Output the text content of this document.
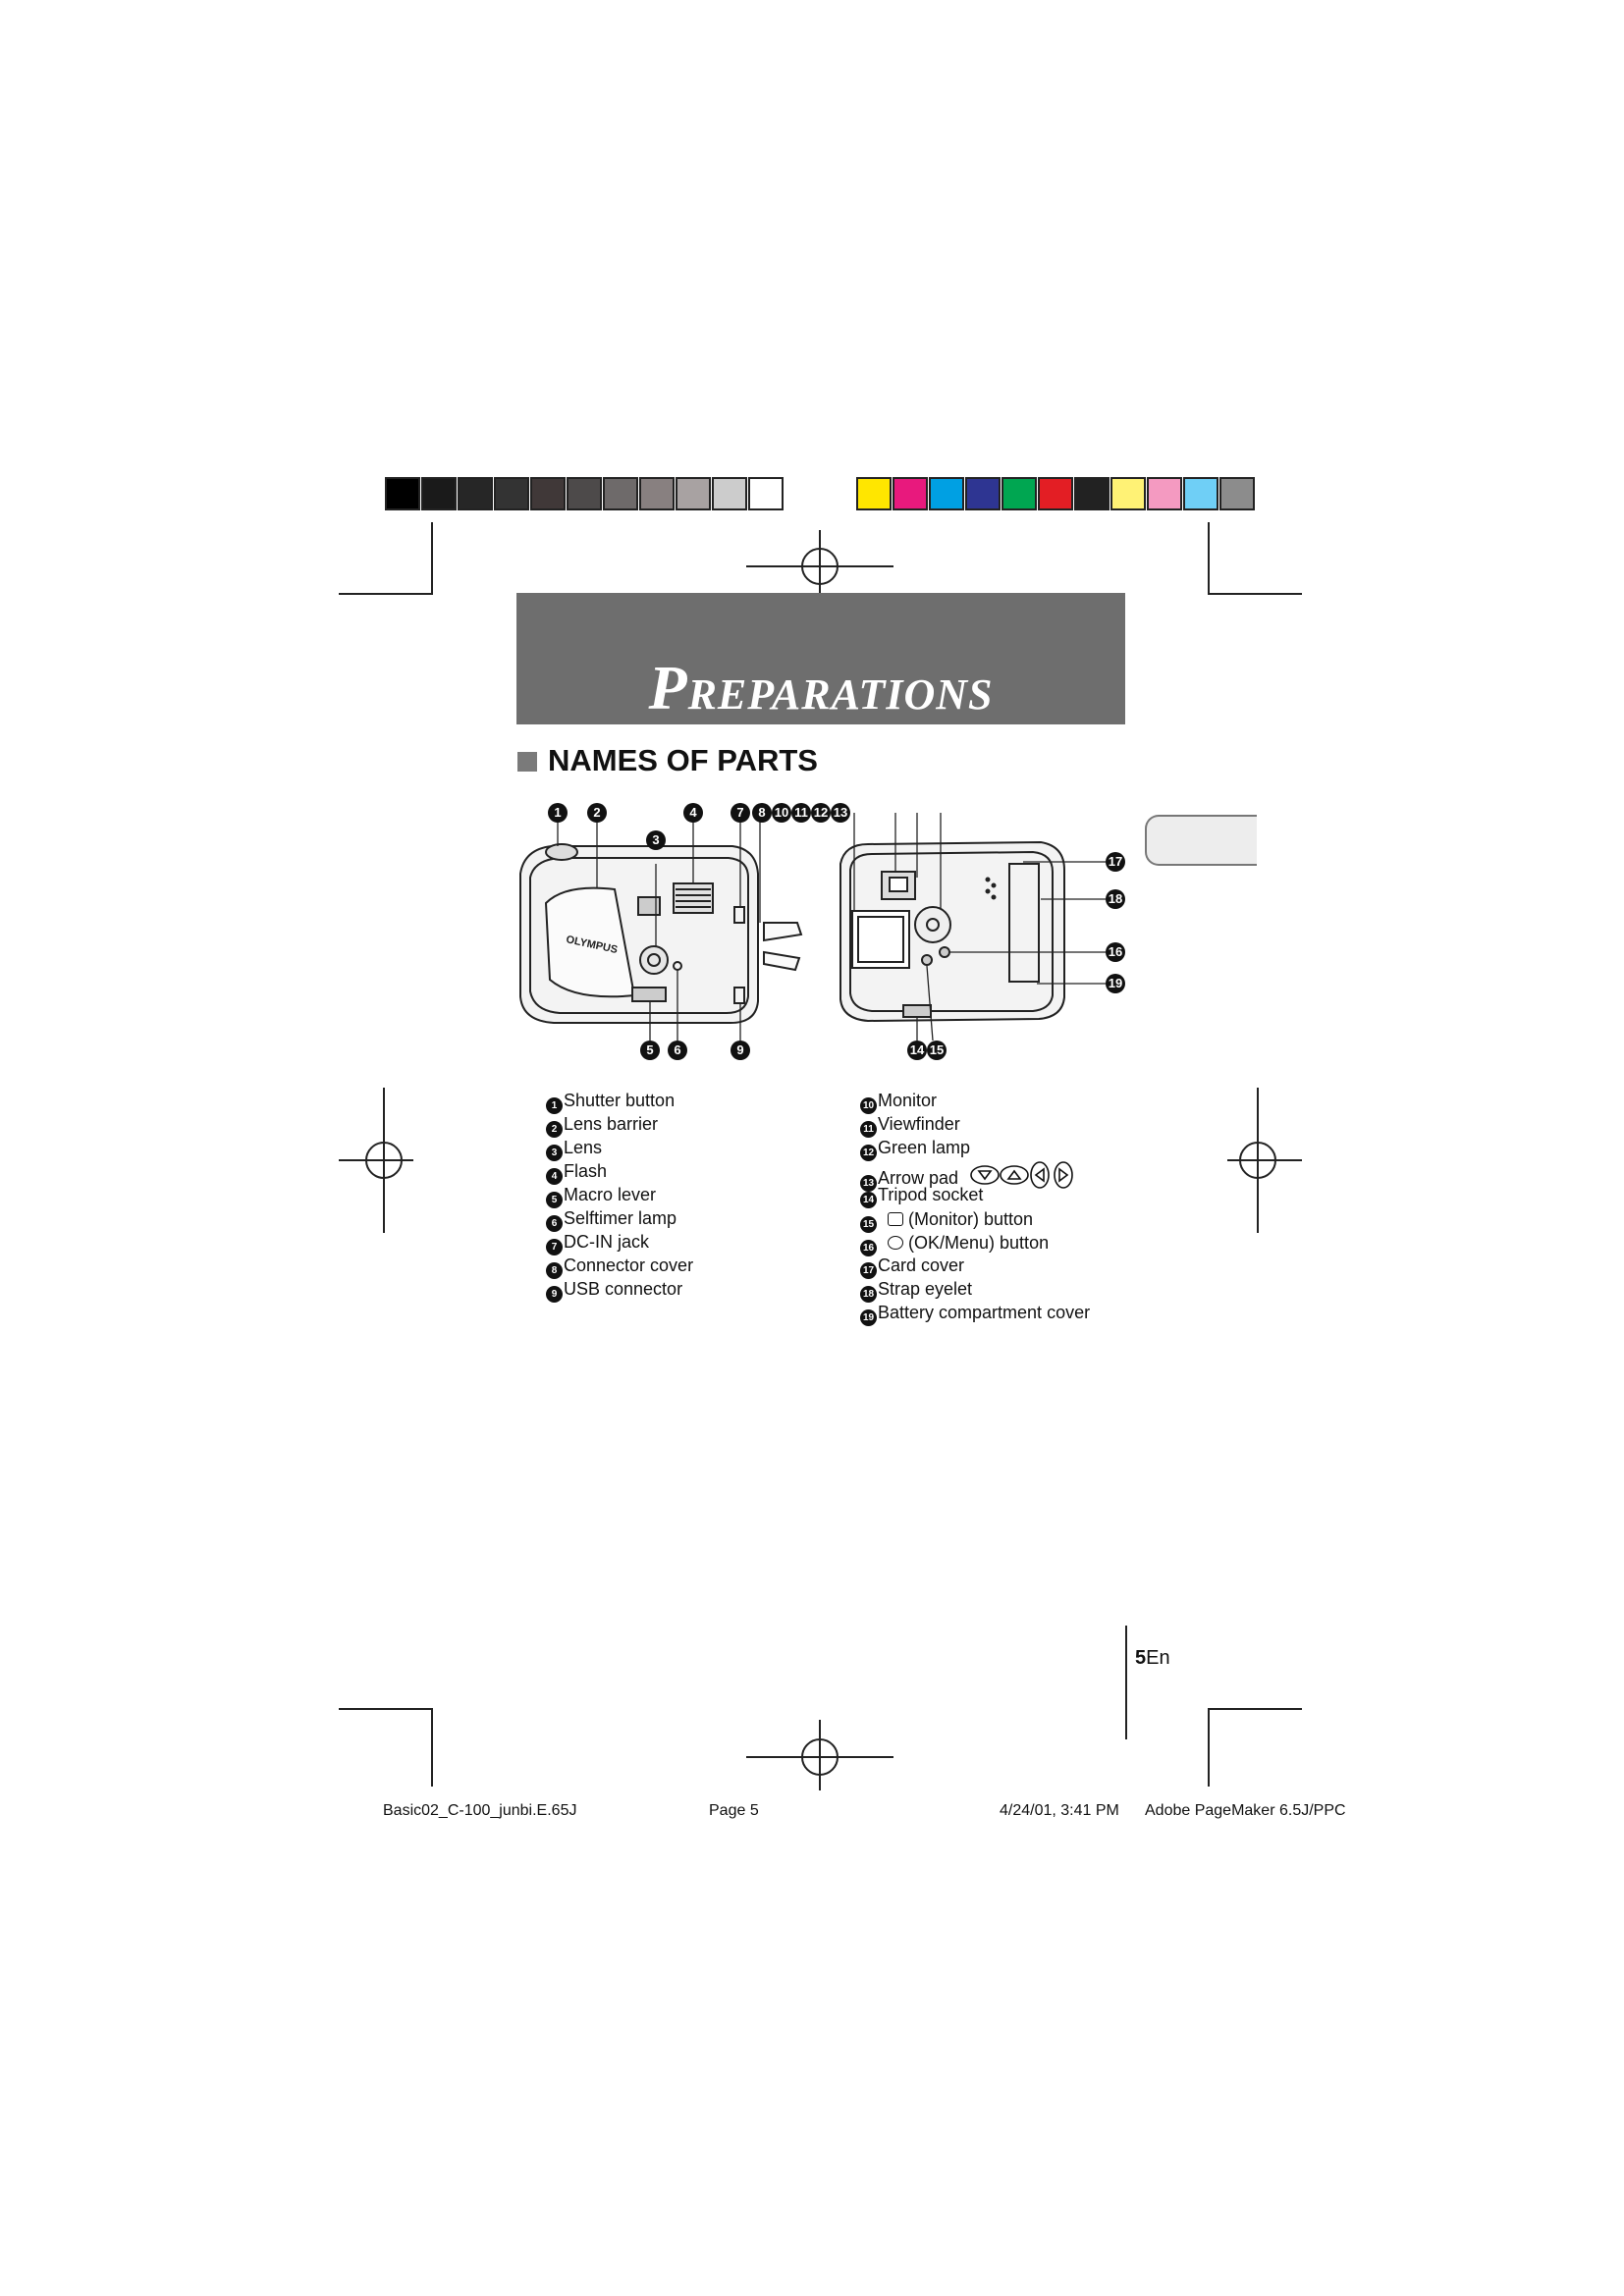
PREPARATIONS
NAMES OF PARTS
OLYMPUS
1	2
3
4	7	8 10 11 12 13
5	6	9
17
18
16
19
14 15
1 Shutter button
2 Lens barrier
3 Lens
4 Flash
5 Macro lever
6 Selftimer lamp
7 DC-IN jack
8 Connector cover
9 USB connector
10 Monitor
11 Viewfinder
12 Green lamp
13 Arrow pad
14 Tripod socket
15 (Monitor) button
16 (OK/Menu) button
17 Card cover
18 Strap eyelet
19 Battery compartment cover
5En
Basic02_C-100_junbi.E.65J	Page 5	4/24/01, 3:41 PM Adobe PageMaker 6.5J/PPC
